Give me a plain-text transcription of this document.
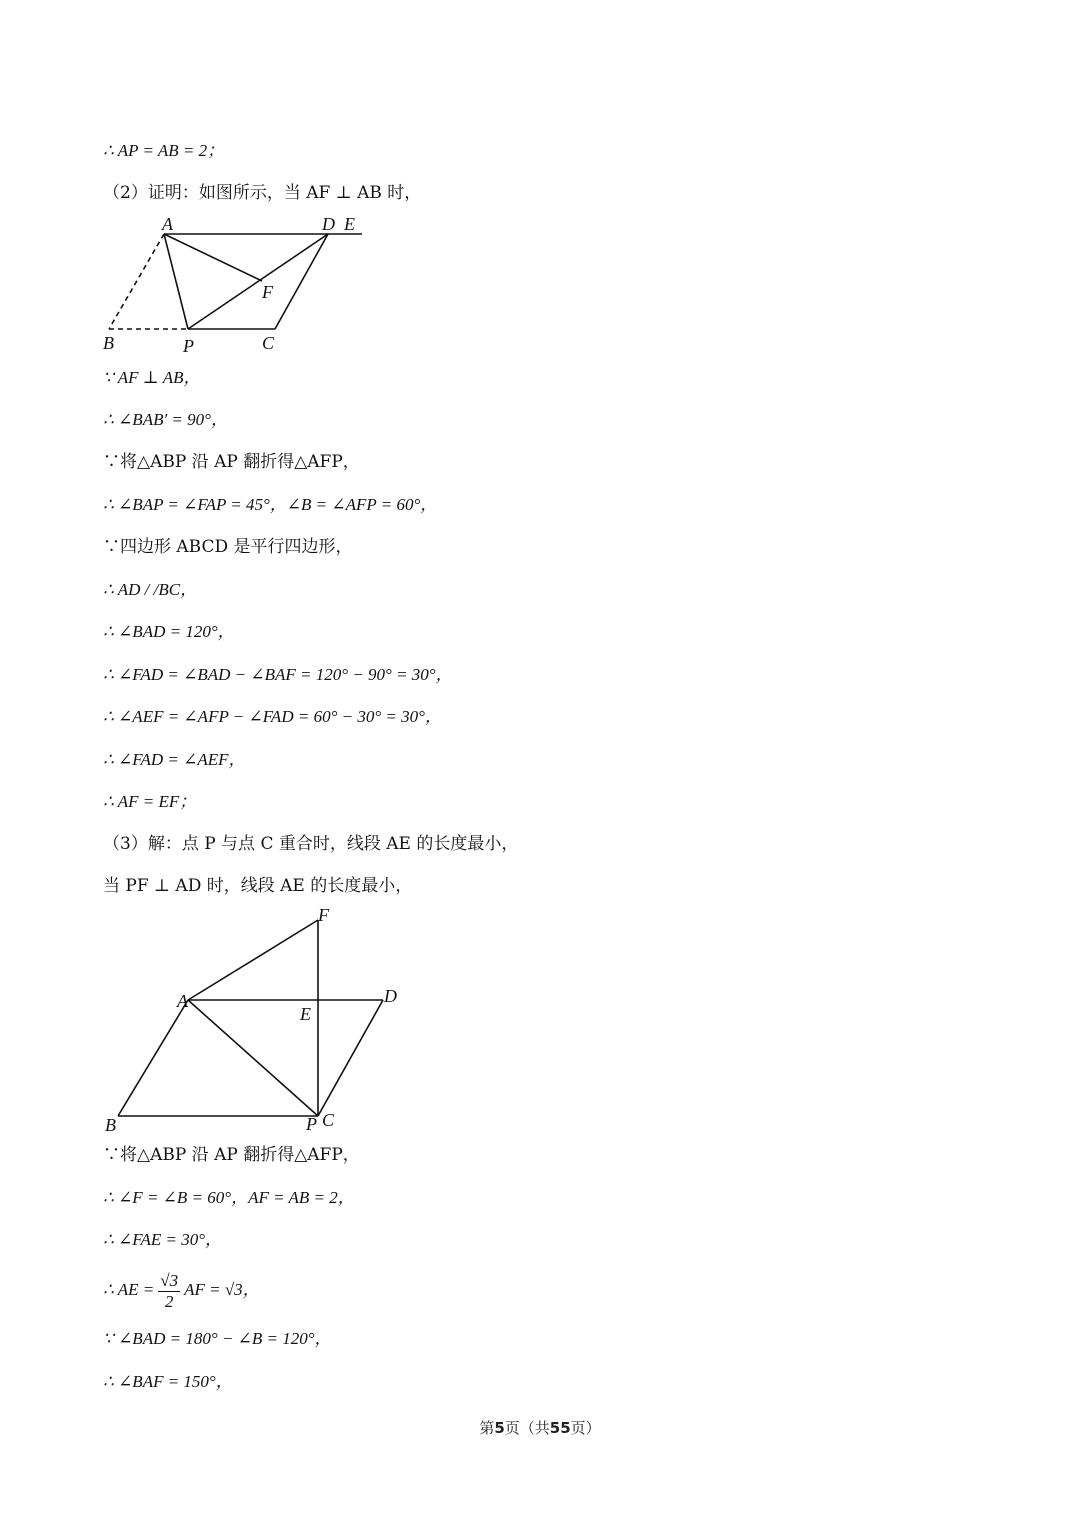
∴ AP = AB = 2；
（2）证明：如图所示，当 AF ⊥ AB 时，
A	D E
F
B	P	C
∵ AF ⊥ AB，
∴ ∠BAB′ = 90°，
∵将△ABP 沿 AP 翻折得△AFP，
∴ ∠BAP = ∠FAP = 45°，∠B = ∠AFP = 60°，
∵四边形 ABCD 是平行四边形，
∴ AD / /BC，
∴ ∠BAD = 120°，
∴ ∠FAD = ∠BAD − ∠BAF = 120° − 90° = 30°，
∴ ∠AEF = ∠AFP − ∠FAD = 60° − 30° = 30°，
∴ ∠FAD = ∠AEF，
∴ AF = EF；
（3）解：点 P 与点 C 重合时，线段 AE 的长度最小，
当 PF ⊥ AD 时，线段 AE 的长度最小，
F
A	D
E
B	P C
∵将△ABP 沿 AP 翻折得△AFP，
∴ ∠F = ∠B = 60°，AF = AB = 2，
∴ ∠FAE = 30°，
∴ AE = $\frac{√3}{2}$ AF = √3，
∵ ∠BAD = 180° − ∠B = 120°，
∴ ∠BAF = 150°，
第5页（共55页）
